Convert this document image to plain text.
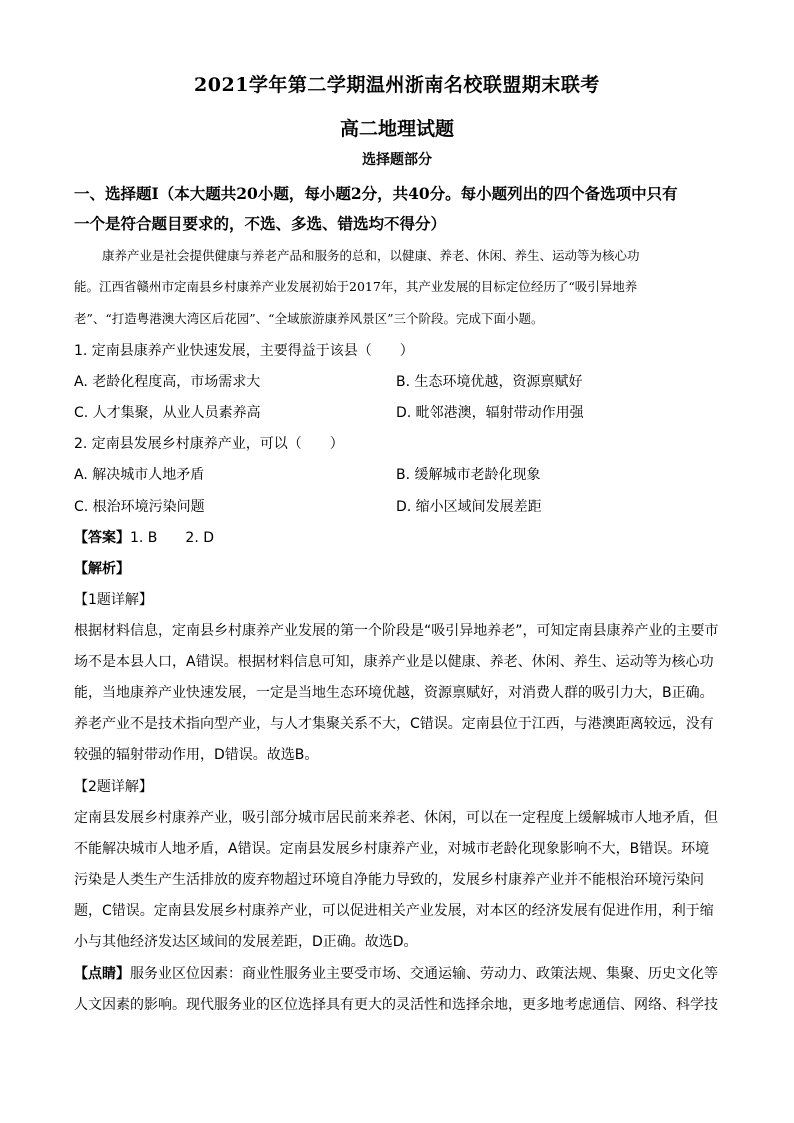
2021学年第二学期温州浙南名校联盟期末联考
高二地理试题
选择题部分
一、选择题Ⅰ（本大题共20小题，每小题2分，共40分。每小题列出的四个备选项中只有
一个是符合题目要求的，不选、多选、错选均不得分）
康养产业是社会提供健康与养老产品和服务的总和，以健康、养老、休闲、养生、运动等为核心功
能。江西省赣州市定南县乡村康养产业发展初始于2017年，其产业发展的目标定位经历了“吸引异地养
老”、“打造粤港澳大湾区后花园”、“全域旅游康养风景区”三个阶段。完成下面小题。
1. 定南县康养产业快速发展，主要得益于该县（　　）
A. 老龄化程度高，市场需求大	B. 生态环境优越，资源禀赋好
C. 人才集聚，从业人员素养高	D. 毗邻港澳，辐射带动作用强
2. 定南县发展乡村康养产业，可以（　　）
A. 解决城市人地矛盾	B. 缓解城市老龄化现象
C. 根治环境污染问题	D. 缩小区域间发展差距
【答案】1. B　　2. D
【解析】
【1题详解】
根据材料信息，定南县乡村康养产业发展的第一个阶段是“吸引异地养老”，可知定南县康养产业的主要市
场不是本县人口，A错误。根据材料信息可知，康养产业是以健康、养老、休闲、养生、运动等为核心功
能，当地康养产业快速发展，一定是当地生态环境优越，资源禀赋好，对消费人群的吸引力大，B正确。
养老产业不是技术指向型产业，与人才集聚关系不大，C错误。定南县位于江西，与港澳距离较远，没有
较强的辐射带动作用，D错误。故选B。
【2题详解】
定南县发展乡村康养产业，吸引部分城市居民前来养老、休闲，可以在一定程度上缓解城市人地矛盾，但
不能解决城市人地矛盾，A错误。定南县发展乡村康养产业，对城市老龄化现象影响不大，B错误。环境
污染是人类生产生活排放的废弃物超过环境自净能力导致的，发展乡村康养产业并不能根治环境污染问
题，C错误。定南县发展乡村康养产业，可以促进相关产业发展，对本区的经济发展有促进作用，利于缩
小与其他经济发达区域间的发展差距，D正确。故选D。
【点睛】服务业区位因素：商业性服务业主要受市场、交通运输、劳动力、政策法规、集聚、历史文化等
人文因素的影响。现代服务业的区位选择具有更大的灵活性和选择余地，更多地考虑通信、网络、科学技
